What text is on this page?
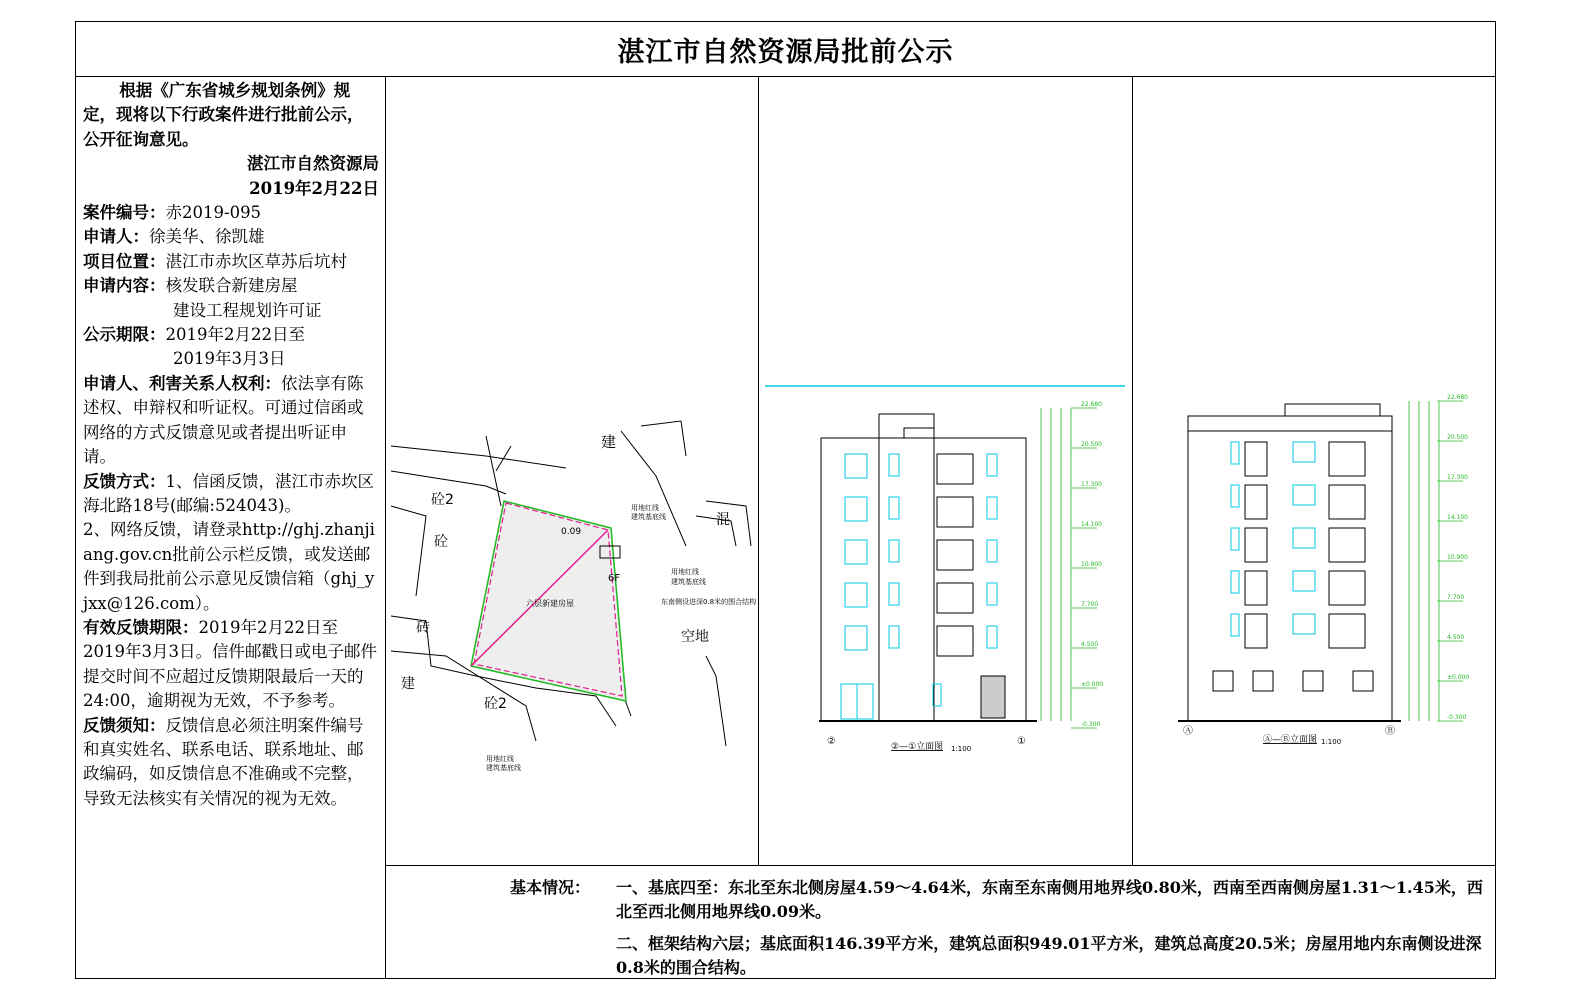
湛江市自然资源局批前公示

根据《广东省城乡规划条例》规定，现将以下行政案件进行批前公示，公开征询意见。

湛江市自然资源局

2019年2月22日

案件编号：赤2019-095

申请人：徐美华、徐凯雄

项目位置：湛江市赤坎区草苏后坑村

申请内容：核发联合新建房屋

建设工程规划许可证

公示期限：2019年2月22日至

2019年3月3日

申请人、利害关系人权利：依法享有陈述权、申辩权和听证权。可通过信函或网络的方式反馈意见或者提出听证申请。

反馈方式：1、信函反馈，湛江市赤坎区海北路18号(邮编:524043)。

2、网络反馈，请登录http://ghj.zhanjiang.gov.cn批前公示栏反馈，或发送邮件到我局批前公示意见反馈信箱（ghj_yjxx@126.com）。

有效反馈期限：2019年2月22日至2019年3月3日。信件邮戳日或电子邮件提交时间不应超过反馈期限最后一天的24:00，逾期视为无效，不予参考。

反馈须知：反馈信息必须注明案件编号和真实姓名、联系电话、联系地址、邮政编码，如反馈信息不准确或不完整，导致无法核实有关情况的视为无效。

6F
六层新建房屋
建
砼2
砼
混
砖
建
砼2
空地
用地红线
建筑基底线
用地红线
建筑基底线
东南侧设进深0.8米的围合结构
用地红线
建筑基底线
0.09
22.680
20.500
17.300
14.100
10.900
7.700
4.500
±0.000
-0.300
②	①
②—①立面图 1:100
22.680
20.500
17.300
14.100
10.900
7.700
4.500
±0.000
-0.300
Ⓐ	Ⓑ
Ⓐ—Ⓑ立面图 1:100
基本情况： 一、基底四至：东北至东北侧房屋4.59～4.64米，东南至东南侧用地界线0.80米，西南至西南侧房屋1.31～1.45米，西北至西北侧用地界线0.09米。

二、框架结构六层；基底面积146.39平方米，建筑总面积949.01平方米，建筑总高度20.5米；房屋用地内东南侧设进深0.8米的围合结构。
